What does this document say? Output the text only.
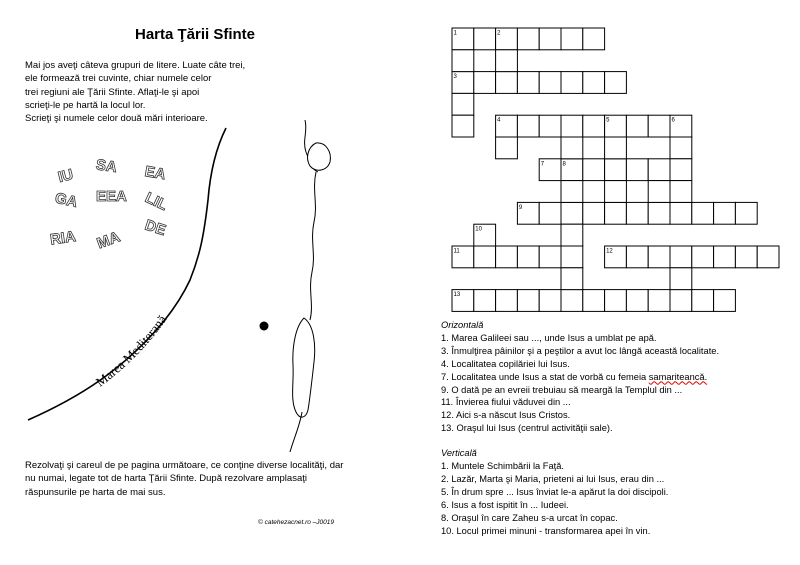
Harta Ţării Sfinte
Mai jos aveţi câteva grupuri de litere. Luate câte trei,
ele formează trei cuvinte, chiar numele celor
trei regiuni ale Ţării Sfinte. Aflaţi-le şi apoi
scrieţi-le pe hartă la locul lor.
Scrieţi şi numele celor două mări interioare.
IU SA EA
GA EEA LIL
RIA MA
DE
Marea Mediterană
Rezolvaţi şi careul de pe pagina următoare, ce conţine diverse localităţi, dar
nu numai, legate tot de harta Ţării Sfinte. După rezolvare amplasaţi
răspunsurile pe harta de mai sus.
© catehezacnet.ro –J0019
1	2
3
4	5	6
7	8
9
10
11	12
13
Orizontală
1. Marea Galileei sau ..., unde Isus a umblat pe apă.
3. Înmulţirea pâinilor şi a peştilor a avut loc lângă această localitate.
4. Localitatea copilăriei lui Isus.
7. Localitatea unde Isus a stat de vorbă cu femeia samariteancă.
9. O dată pe an evreii trebuiau să meargă la Templul din ...
11. Învierea fiului văduvei din ...
12. Aici s-a născut Isus Cristos.
13. Oraşul lui Isus (centrul activităţii sale).
Verticală
1. Muntele Schimbării la Faţă.
2. Lazăr, Marta şi Maria, prieteni ai lui Isus, erau din ...
5. În drum spre ... Isus înviat le-a apărut la doi discipoli.
6. Isus a fost ispitit în ... Iudeei.
8. Oraşul în care Zaheu s-a urcat în copac.
10. Locul primei minuni - transformarea apei în vin.
